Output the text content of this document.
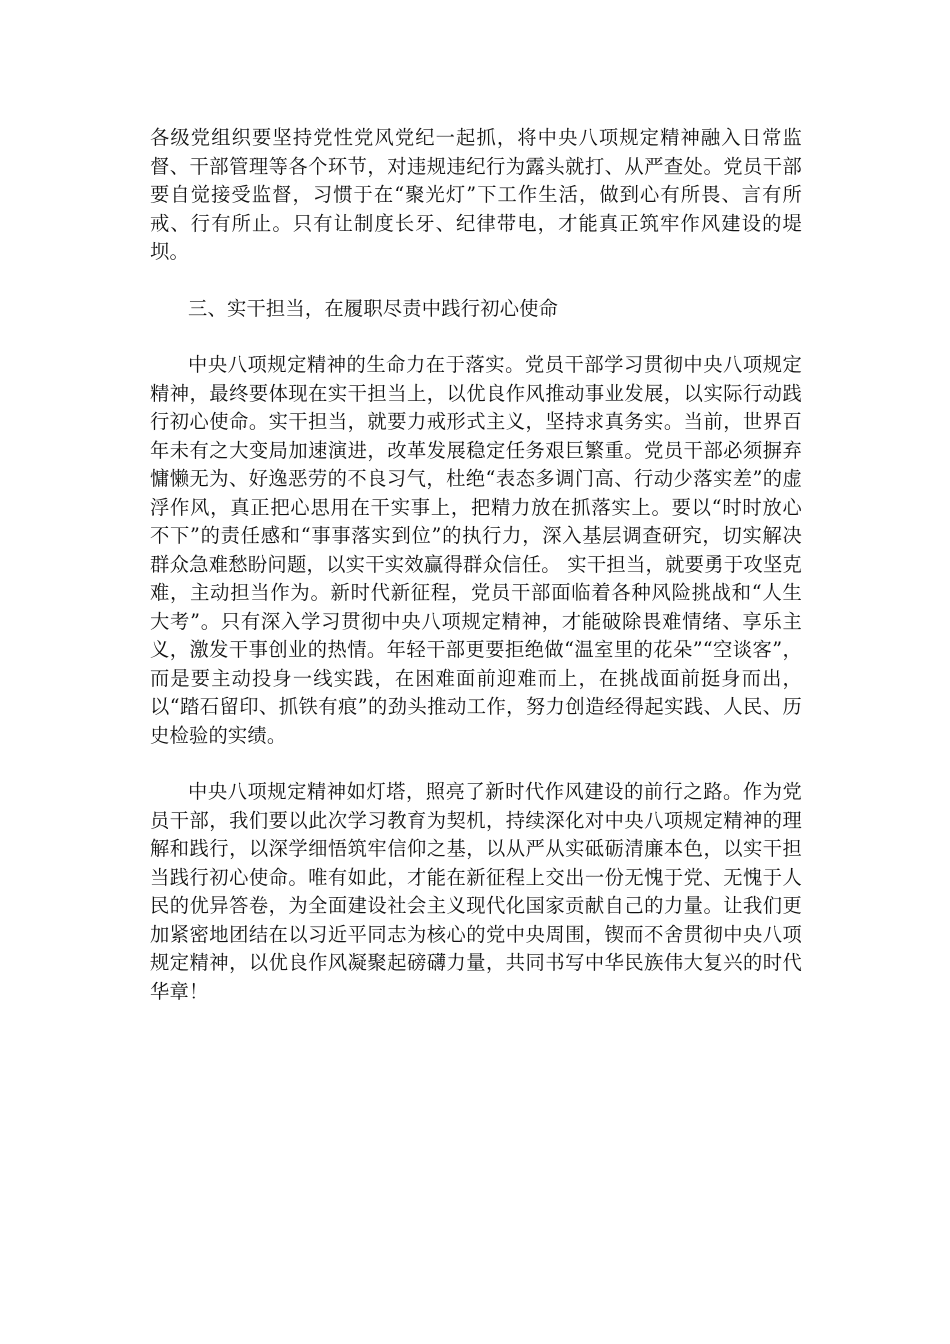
各级党组织要坚持党性党风党纪一起抓，将中央八项规定精神融入日常监督、干部管理等各个环节，对违规违纪行为露头就打、从严查处。党员干部要自觉接受监督，习惯于在“聚光灯”下工作生活，做到心有所畏、言有所戒、行有所止。只有让制度长牙、纪律带电，才能真正筑牢作风建设的堤坝。

三、实干担当，在履职尽责中践行初心使命

中央八项规定精神的生命力在于落实。党员干部学习贯彻中央八项规定精神，最终要体现在实干担当上，以优良作风推动事业发展，以实际行动践行初心使命。实干担当，就要力戒形式主义，坚持求真务实。当前，世界百年未有之大变局加速演进，改革发展稳定任务艰巨繁重。党员干部必须摒弃慵懒无为、好逸恶劳的不良习气，杜绝“表态多调门高、行动少落实差”的虚浮作风，真正把心思用在干实事上，把精力放在抓落实上。要以“时时放心不下”的责任感和“事事落实到位”的执行力，深入基层调查研究，切实解决群众急难愁盼问题，以实干实效赢得群众信任。 实干担当，就要勇于攻坚克难，主动担当作为。新时代新征程，党员干部面临着各种风险挑战和“人生大考”。只有深入学习贯彻中央八项规定精神，才能破除畏难情绪、享乐主义，激发干事创业的热情。年轻干部更要拒绝做“温室里的花朵”“空谈客”，而是要主动投身一线实践，在困难面前迎难而上，在挑战面前挺身而出，以“踏石留印、抓铁有痕”的劲头推动工作，努力创造经得起实践、人民、历史检验的实绩。

中央八项规定精神如灯塔，照亮了新时代作风建设的前行之路。作为党员干部，我们要以此次学习教育为契机，持续深化对中央八项规定精神的理解和践行，以深学细悟筑牢信仰之基，以从严从实砥砺清廉本色，以实干担当践行初心使命。唯有如此，才能在新征程上交出一份无愧于党、无愧于人民的优异答卷，为全面建设社会主义现代化国家贡献自己的力量。让我们更加紧密地团结在以习近平同志为核心的党中央周围，锲而不舍贯彻中央八项规定精神，以优良作风凝聚起磅礴力量，共同书写中华民族伟大复兴的时代华章！
